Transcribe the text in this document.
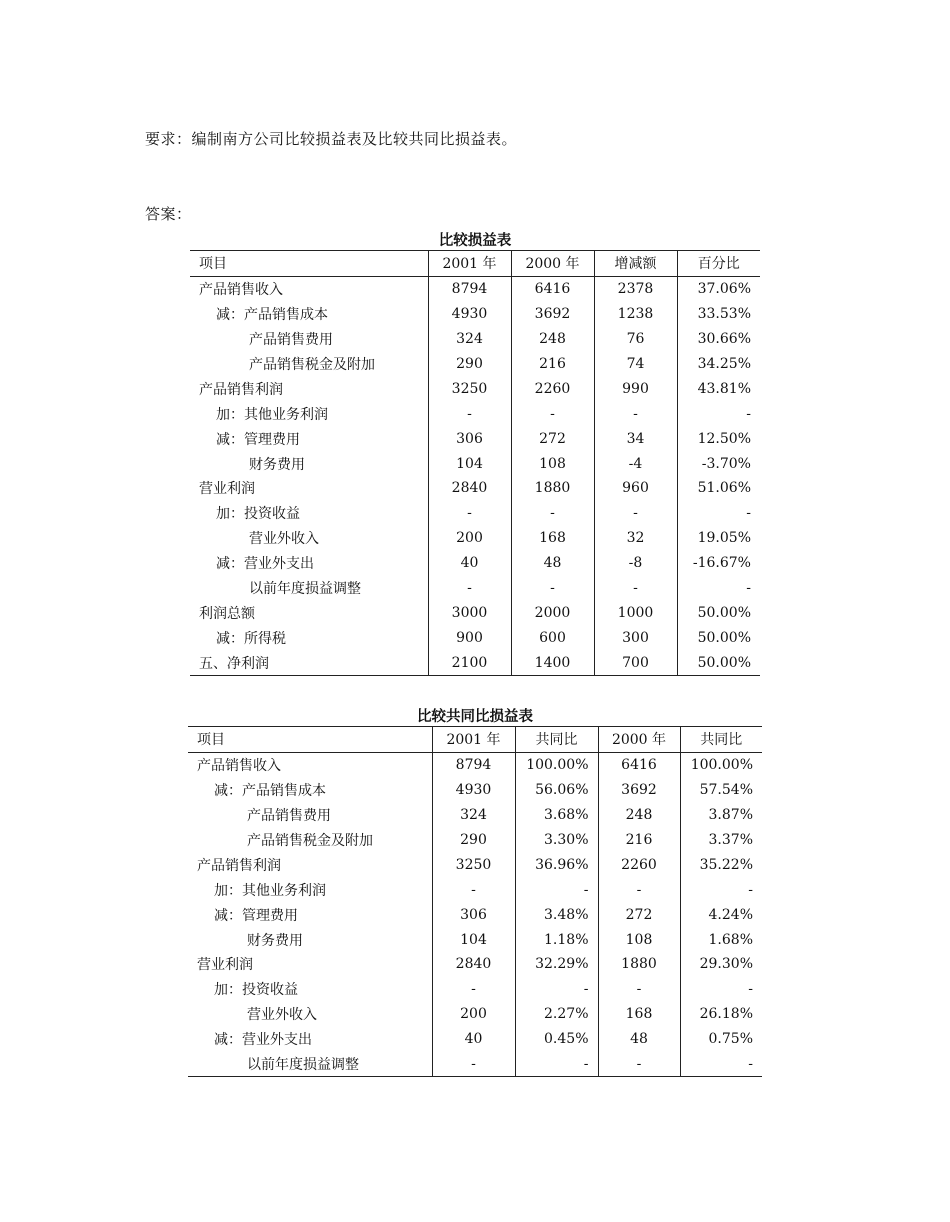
要求：编制南方公司比较损益表及比较共同比损益表。
答案：
比较损益表
项目	2001 年	2000 年	增减额	百分比
产品销售收入	8794	6416	2378	37.06%
减：产品销售成本	4930	3692	1238	33.53%
产品销售费用	324	248	76	30.66%
产品销售税金及附加	290	216	74	34.25%
产品销售利润	3250	2260	990	43.81%
加：其他业务利润	-	-	-	-
减：管理费用	306	272	34	12.50%
财务费用	104	108	-4	-3.70%
营业利润	2840	1880	960	51.06%
加：投资收益	-	-	-	-
营业外收入	200	168	32	19.05%
减：营业外支出	40	48	-8	-16.67%
以前年度损益调整	-	-	-	-
利润总额	3000	2000	1000	50.00%
减：所得税	900	600	300	50.00%
五、净利润	2100	1400	700	50.00%
比较共同比损益表
项目	2001 年	共同比	2000 年	共同比
产品销售收入	8794	100.00%	6416	100.00%
减：产品销售成本	4930	56.06%	3692	57.54%
产品销售费用	324	3.68%	248	3.87%
产品销售税金及附加	290	3.30%	216	3.37%
产品销售利润	3250	36.96%	2260	35.22%
加：其他业务利润	-	-	-	-
减：管理费用	306	3.48%	272	4.24%
财务费用	104	1.18%	108	1.68%
营业利润	2840	32.29%	1880	29.30%
加：投资收益	-	-	-	-
营业外收入	200	2.27%	168	26.18%
减：营业外支出	40	0.45%	48	0.75%
以前年度损益调整	-	-	-	-
